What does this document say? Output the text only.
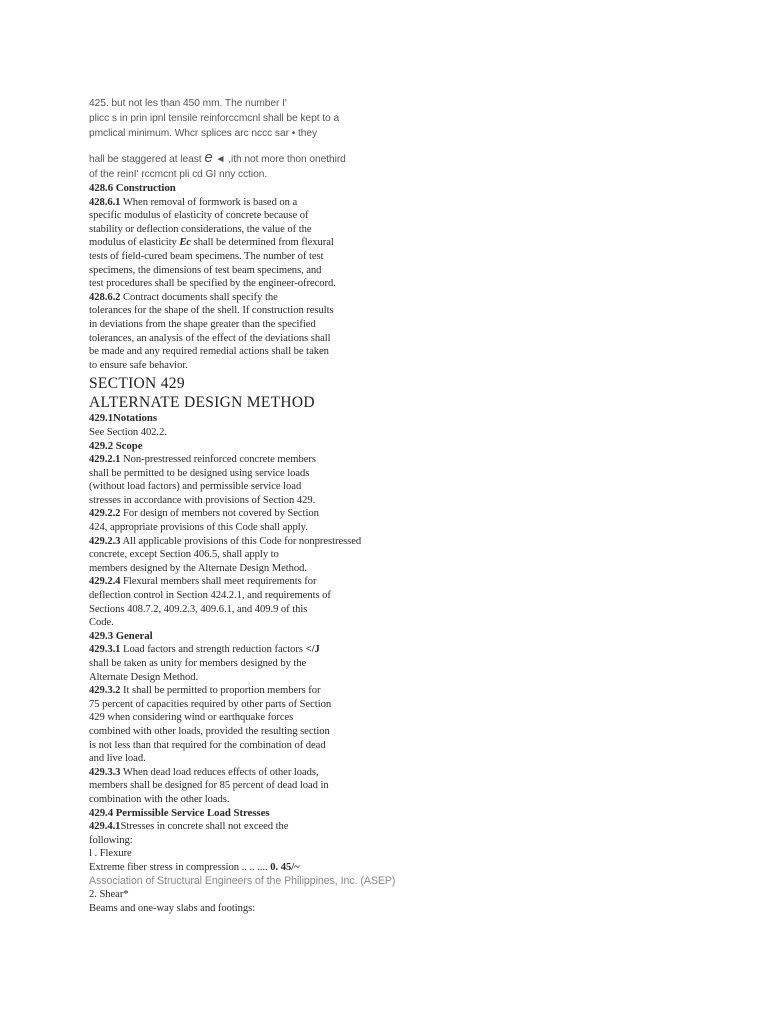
425. but not les than 450 mm. The number I'
plicc s in prin ipnl tensile reinforccmcnl shall be kept to a
pmclical minimum. Whcr splices arc nccc sar • they
hall be staggered at least e ◄ ,ith not more thon onethird
of the reinI' rccmcnt pli cd GI nny cction.
428.6 Construction
428.6.1 When removal of formwork is based on a
specific modulus of elasticity of concrete because of
stability or deflection considerations, the value of the
modulus of elasticity Ec shall be determined from flexural
tests of field-cured beam specimens. The number of test
specimens, the dimensions of test beam specimens, and
test procedures shall be specified by the engineer-ofrecord.
428.6.2 Contract documents shall specify the
tolerances for the shape of the shell. If construction results
in deviations from the shape greater than the specified
tolerances, an analysis of the effect of the deviations shall
be made and any required remedial actions shall be taken
to ensure safe behavior.
SECTION 429
ALTERNATE DESIGN METHOD
429.1Notations
See Section 402.2.
429.2 Scope
429.2.1 Non-prestressed reinforced concrete members
shall be permitted to be designed using service loads
(without load factors) and permissible service load
stresses in accordance with provisions of Section 429.
429.2.2 For design of members not covered by Section
424, appropriate provisions of this Code shall apply.
429.2.3 All applicable provisions of this Code for nonprestressed
concrete, except Section 406.5, shall apply to
members designed by the Alternate Design Method.
429.2.4 Flexural members shall meet requirements for
deflection control in Section 424.2.1, and requirements of
Sections 408.7.2, 409.2.3, 409.6.1, and 409.9 of this
Code.
429.3 General
429.3.1 Load factors and strength reduction factors </J
shall be taken as unity for members designed by the
Alternate Design Method.
429.3.2 It shall be permitted to proportion members for
75 percent of capacities required by other parts of Section
429 when considering wind or earthquake forces
combined with other loads, provided the resulting section
is not less than that required for the combination of dead
and live load.
429.3.3 When dead load reduces effects of other loads,
members shall be designed for 85 percent of dead load in
combination with the other loads.
429.4 Permissible Service Load Stresses
429.4.1Stresses in concrete shall not exceed the
following:
l . Flexure
Extreme fiber stress in compression .. .. .... 0. 45/~
Association of Structural Engineers of the Philippines, Inc. (ASEP)
2. Shear*
Beams and one-way slabs and footings:
